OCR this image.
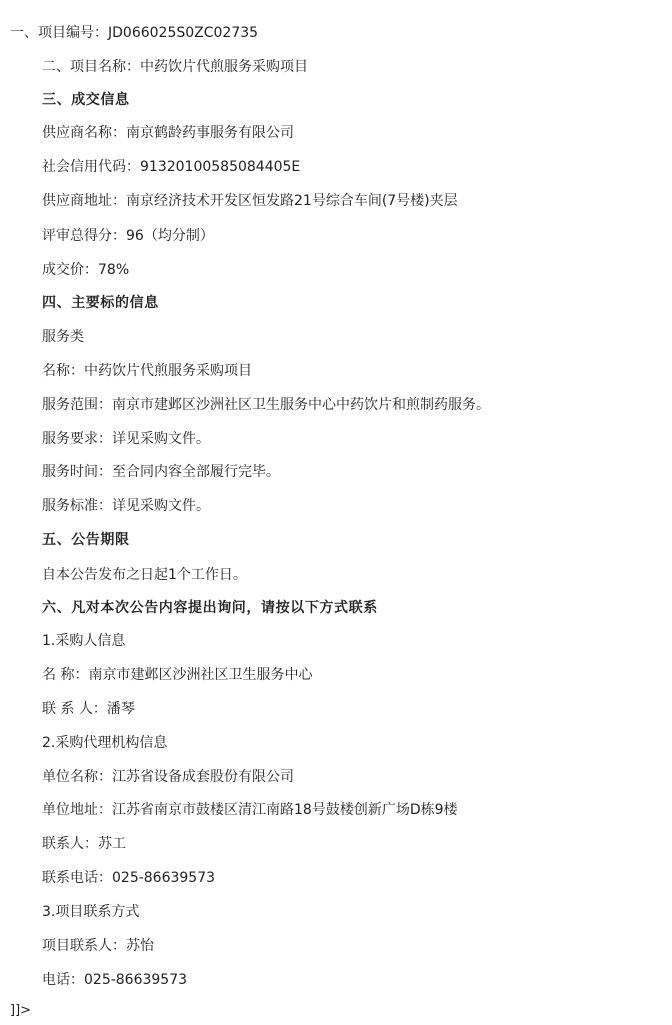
一、项目编号：JD066025S0ZC02735
二、项目名称：中药饮片代煎服务采购项目
三、成交信息
供应商名称：南京鹤龄药事服务有限公司
社会信用代码：91320100585084405E
供应商地址：南京经济技术开发区恒发路21号综合车间(7号楼)夹层
评审总得分：96（均分制）
成交价：78%
四、主要标的信息
服务类
名称：中药饮片代煎服务采购项目
服务范围：南京市建邺区沙洲社区卫生服务中心中药饮片和煎制药服务。
服务要求：详见采购文件。
服务时间：至合同内容全部履行完毕。
服务标准：详见采购文件。
五、公告期限
自本公告发布之日起1个工作日。
六、凡对本次公告内容提出询问，请按以下方式联系
1.采购人信息
名 称：南京市建邺区沙洲社区卫生服务中心
联 系 人：潘琴
2.采购代理机构信息
单位名称：江苏省设备成套股份有限公司
单位地址：江苏省南京市鼓楼区清江南路18号鼓楼创新广场D栋9楼
联系人：苏工
联系电话：025-86639573
3.项目联系方式
项目联系人：苏怡
电话：025-86639573
]]>
